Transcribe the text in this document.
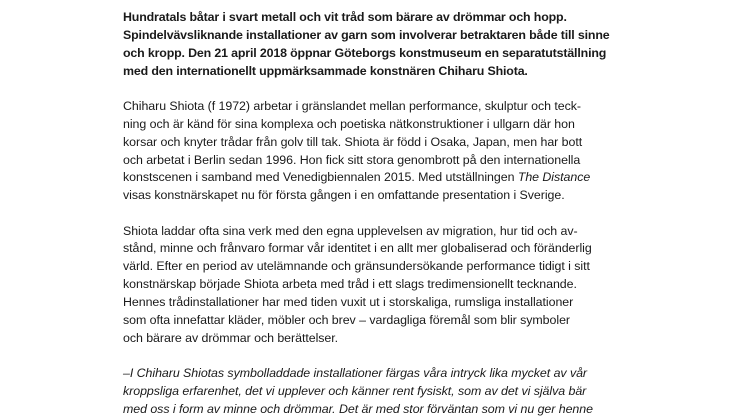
Hundratals båtar i svart metall och vit tråd som bärare av drömmar och hopp.
Spindelvävsliknande installationer av garn som involverar betraktaren både till sinne
och kropp. Den 21 april 2018 öppnar Göteborgs konstmuseum en separatutställning
med den internationellt uppmärksammade konstnären Chiharu Shiota.

Chiharu Shiota (f 1972) arbetar i gränslandet mellan performance, skulptur och teck-
ning och är känd för sina komplexa och poetiska nätkonstruktioner i ullgarn där hon
korsar och knyter trådar från golv till tak. Shiota är född i Osaka, Japan, men har bott
och arbetat i Berlin sedan 1996. Hon fick sitt stora genombrott på den internationella
konstscenen i samband med Venedigbiennalen 2015. Med utställningen The Distance
visas konstnärskapet nu för första gången i en omfattande presentation i Sverige.

Shiota laddar ofta sina verk med den egna upplevelsen av migration, hur tid och av-
stånd, minne och frånvaro formar vår identitet i en allt mer globaliserad och föränderlig
värld. Efter en period av utelämnande och gränsundersökande performance tidigt i sitt
konstnärskap började Shiota arbeta med tråd i ett slags tredimensionellt tecknande.
Hennes trådinstallationer har med tiden vuxit ut i storskaliga, rumsliga installationer
som ofta innefattar kläder, möbler och brev – vardagliga föremål som blir symboler
och bärare av drömmar och berättelser.

–I Chiharu Shiotas symbolladdade installationer färgas våra intryck lika mycket av vår
kroppsliga erfarenhet, det vi upplever och känner rent fysiskt, som av det vi själva bär
med oss i form av minne och drömmar. Det är med stor förväntan som vi nu ger henne
